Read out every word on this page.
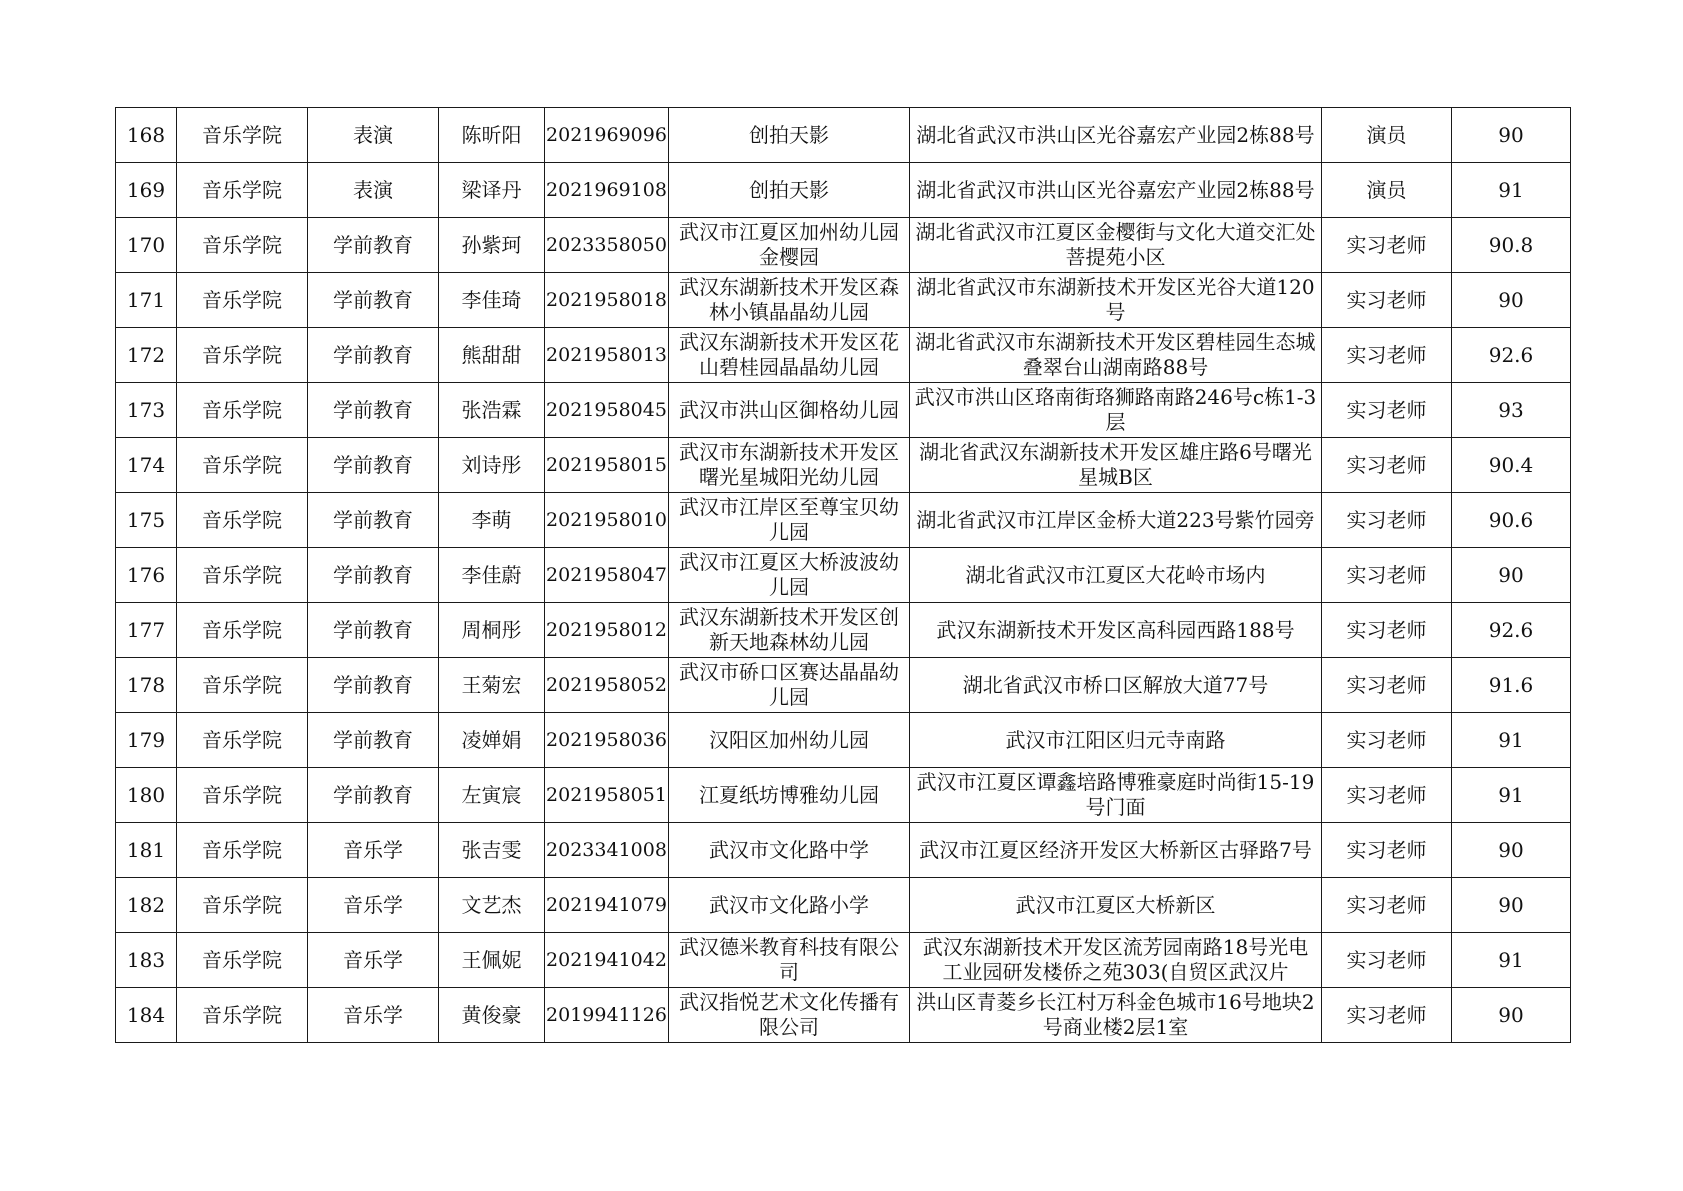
168	音乐学院	表演	陈昕阳	2021969096	创拍天影	湖北省武汉市洪山区光谷嘉宏产业园2栋88号	演员	90

169	音乐学院	表演	梁译丹	2021969108	创拍天影	湖北省武汉市洪山区光谷嘉宏产业园2栋88号	演员	91

170	音乐学院	学前教育	孙紫珂	2023358050	武汉市江夏区加州幼儿园金樱园	湖北省武汉市江夏区金樱街与文化大道交汇处菩提苑小区	实习老师	90.8

171	音乐学院	学前教育	李佳琦	2021958018	武汉东湖新技术开发区森林小镇晶晶幼儿园	湖北省武汉市东湖新技术开发区光谷大道120号	实习老师	90

172	音乐学院	学前教育	熊甜甜	2021958013	武汉东湖新技术开发区花山碧桂园晶晶幼儿园	湖北省武汉市东湖新技术开发区碧桂园生态城叠翠台山湖南路88号	实习老师	92.6

173	音乐学院	学前教育	张浩霖	2021958045	武汉市洪山区御格幼儿园	武汉市洪山区珞南街珞狮路南路246号c栋1-3层	实习老师	93

174	音乐学院	学前教育	刘诗彤	2021958015	武汉市东湖新技术开发区曙光星城阳光幼儿园	湖北省武汉东湖新技术开发区雄庄路6号曙光星城B区	实习老师	90.4

175	音乐学院	学前教育	李萌	2021958010	武汉市江岸区至尊宝贝幼儿园	湖北省武汉市江岸区金桥大道223号紫竹园旁	实习老师	90.6

176	音乐学院	学前教育	李佳蔚	2021958047	武汉市江夏区大桥波波幼儿园	湖北省武汉市江夏区大花岭市场内	实习老师	90

177	音乐学院	学前教育	周桐彤	2021958012	武汉东湖新技术开发区创新天地森林幼儿园	武汉东湖新技术开发区高科园西路188号	实习老师	92.6

178	音乐学院	学前教育	王菊宏	2021958052	武汉市硚口区赛达晶晶幼儿园	湖北省武汉市桥口区解放大道77号	实习老师	91.6

179	音乐学院	学前教育	凌婵娟	2021958036	汉阳区加州幼儿园	武汉市江阳区归元寺南路	实习老师	91

180	音乐学院	学前教育	左寅宸	2021958051	江夏纸坊博雅幼儿园	武汉市江夏区谭鑫培路博雅豪庭时尚街15-19号门面	实习老师	91

181	音乐学院	音乐学	张吉雯	2023341008	武汉市文化路中学	武汉市江夏区经济开发区大桥新区古驿路7号	实习老师	90

182	音乐学院	音乐学	文艺杰	2021941079	武汉市文化路小学	武汉市江夏区大桥新区	实习老师	90

183	音乐学院	音乐学	王佩妮	2021941042	武汉德米教育科技有限公司	武汉东湖新技术开发区流芳园南路18号光电工业园研发楼侨之苑303(自贸区武汉片	实习老师	91

184	音乐学院	音乐学	黄俊豪	2019941126	武汉指悦艺术文化传播有限公司	洪山区青菱乡长江村万科金色城市16号地块2号商业楼2层1室	实习老师	90
